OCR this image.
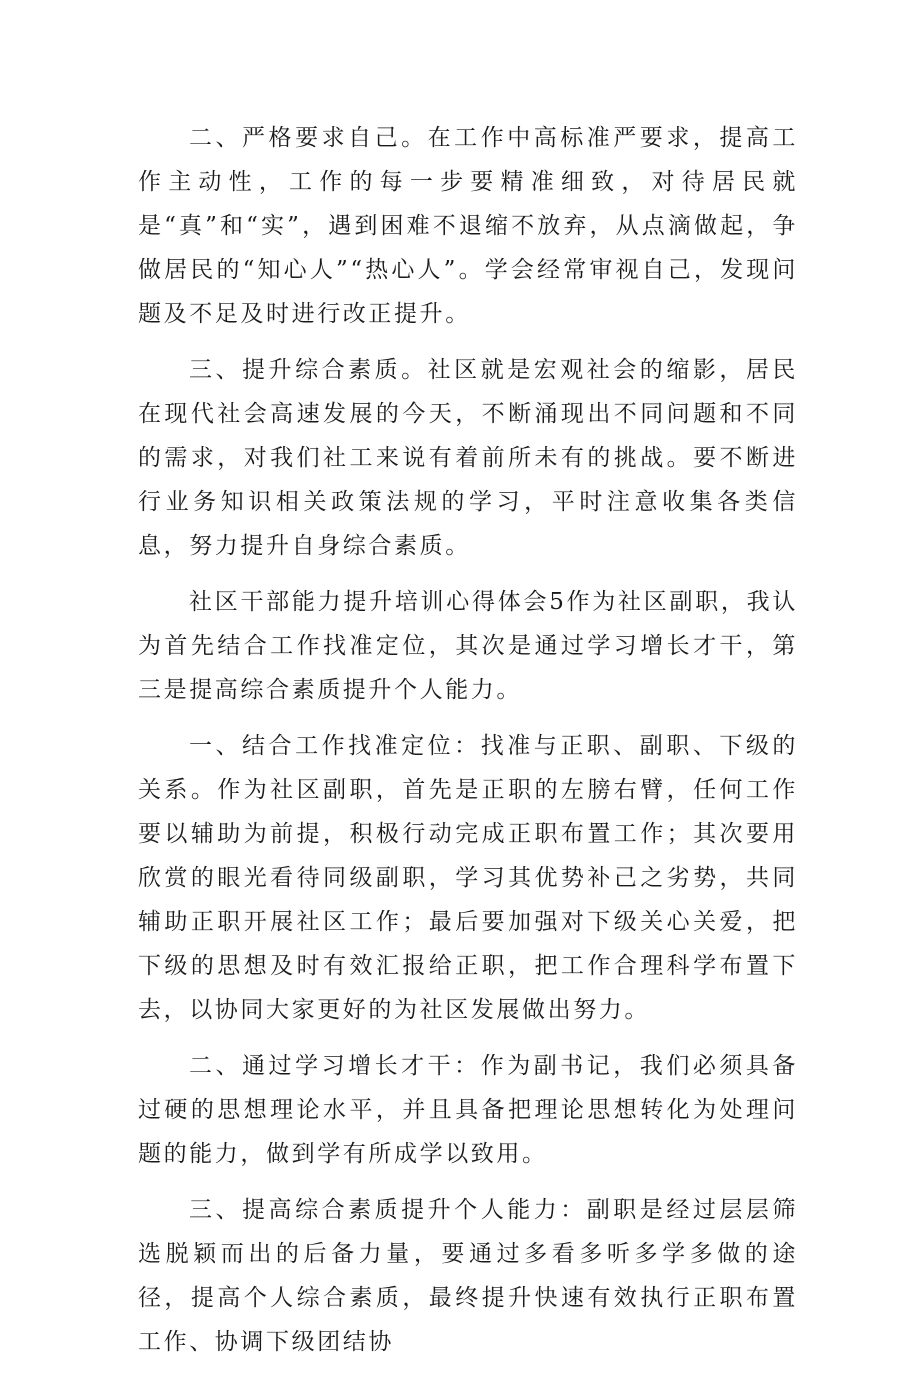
二、严格要求自己。在工作中高标准严要求，提高工作主动性，工作的每一步要精准细致，对待居民就是“真”和“实”，遇到困难不退缩不放弃，从点滴做起，争做居民的“知心人”“热心人”。学会经常审视自己，发现问题及不足及时进行改正提升。

三、提升综合素质。社区就是宏观社会的缩影，居民在现代社会高速发展的今天，不断涌现出不同问题和不同的需求，对我们社工来说有着前所未有的挑战。要不断进行业务知识相关政策法规的学习，平时注意收集各类信息，努力提升自身综合素质。

社区干部能力提升培训心得体会5作为社区副职，我认为首先结合工作找准定位，其次是通过学习增长才干，第三是提高综合素质提升个人能力。

一、结合工作找准定位：找准与正职、副职、下级的关系。作为社区副职，首先是正职的左膀右臂，任何工作要以辅助为前提，积极行动完成正职布置工作；其次要用欣赏的眼光看待同级副职，学习其优势补己之劣势，共同辅助正职开展社区工作；最后要加强对下级关心关爱，把下级的思想及时有效汇报给正职，把工作合理科学布置下去，以协同大家更好的为社区发展做出努力。

二、通过学习增长才干：作为副书记，我们必须具备过硬的思想理论水平，并且具备把理论思想转化为处理问题的能力，做到学有所成学以致用。

三、提高综合素质提升个人能力：副职是经过层层筛选脱颖而出的后备力量，要通过多看多听多学多做的途径，提高个人综合素质，最终提升快速有效执行正职布置工作、协调下级团结协
